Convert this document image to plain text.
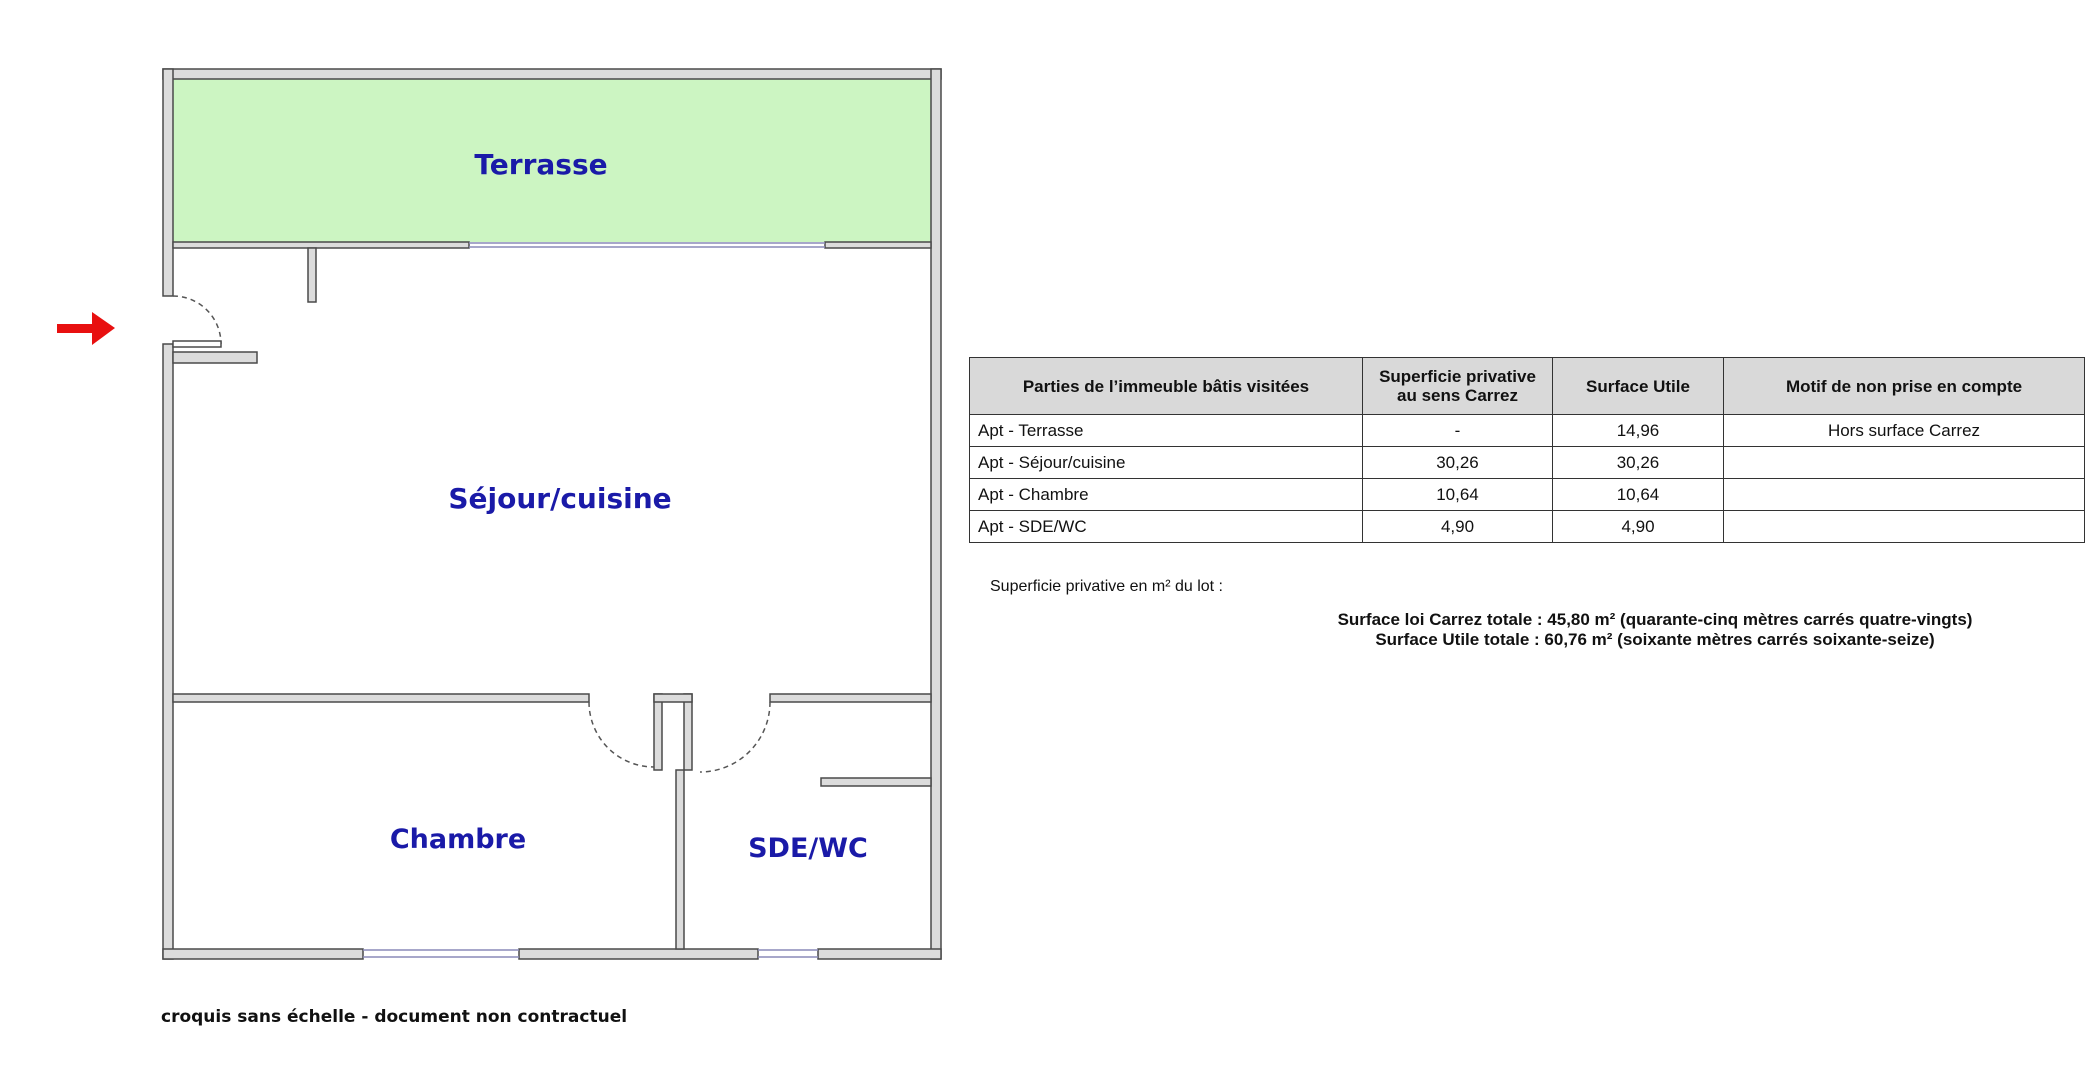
Terrasse
Séjour/cuisine
Chambre	SDE/WC
Parties de l’immeuble bâtis visitées	Superficie privative
au sens Carrez	Surface Utile	Motif de non prise en compte
Apt - Terrasse	-	14,96	Hors surface Carrez
Apt - Séjour/cuisine	30,26	30,26	
Apt - Chambre	10,64	10,64	
Apt - SDE/WC	4,90	4,90	
Superficie privative en m² du lot :
Surface loi Carrez totale : 45,80 m² (quarante-cinq mètres carrés quatre-vingts)
Surface Utile totale : 60,76 m² (soixante mètres carrés soixante-seize)
croquis sans échelle - document non contractuel
